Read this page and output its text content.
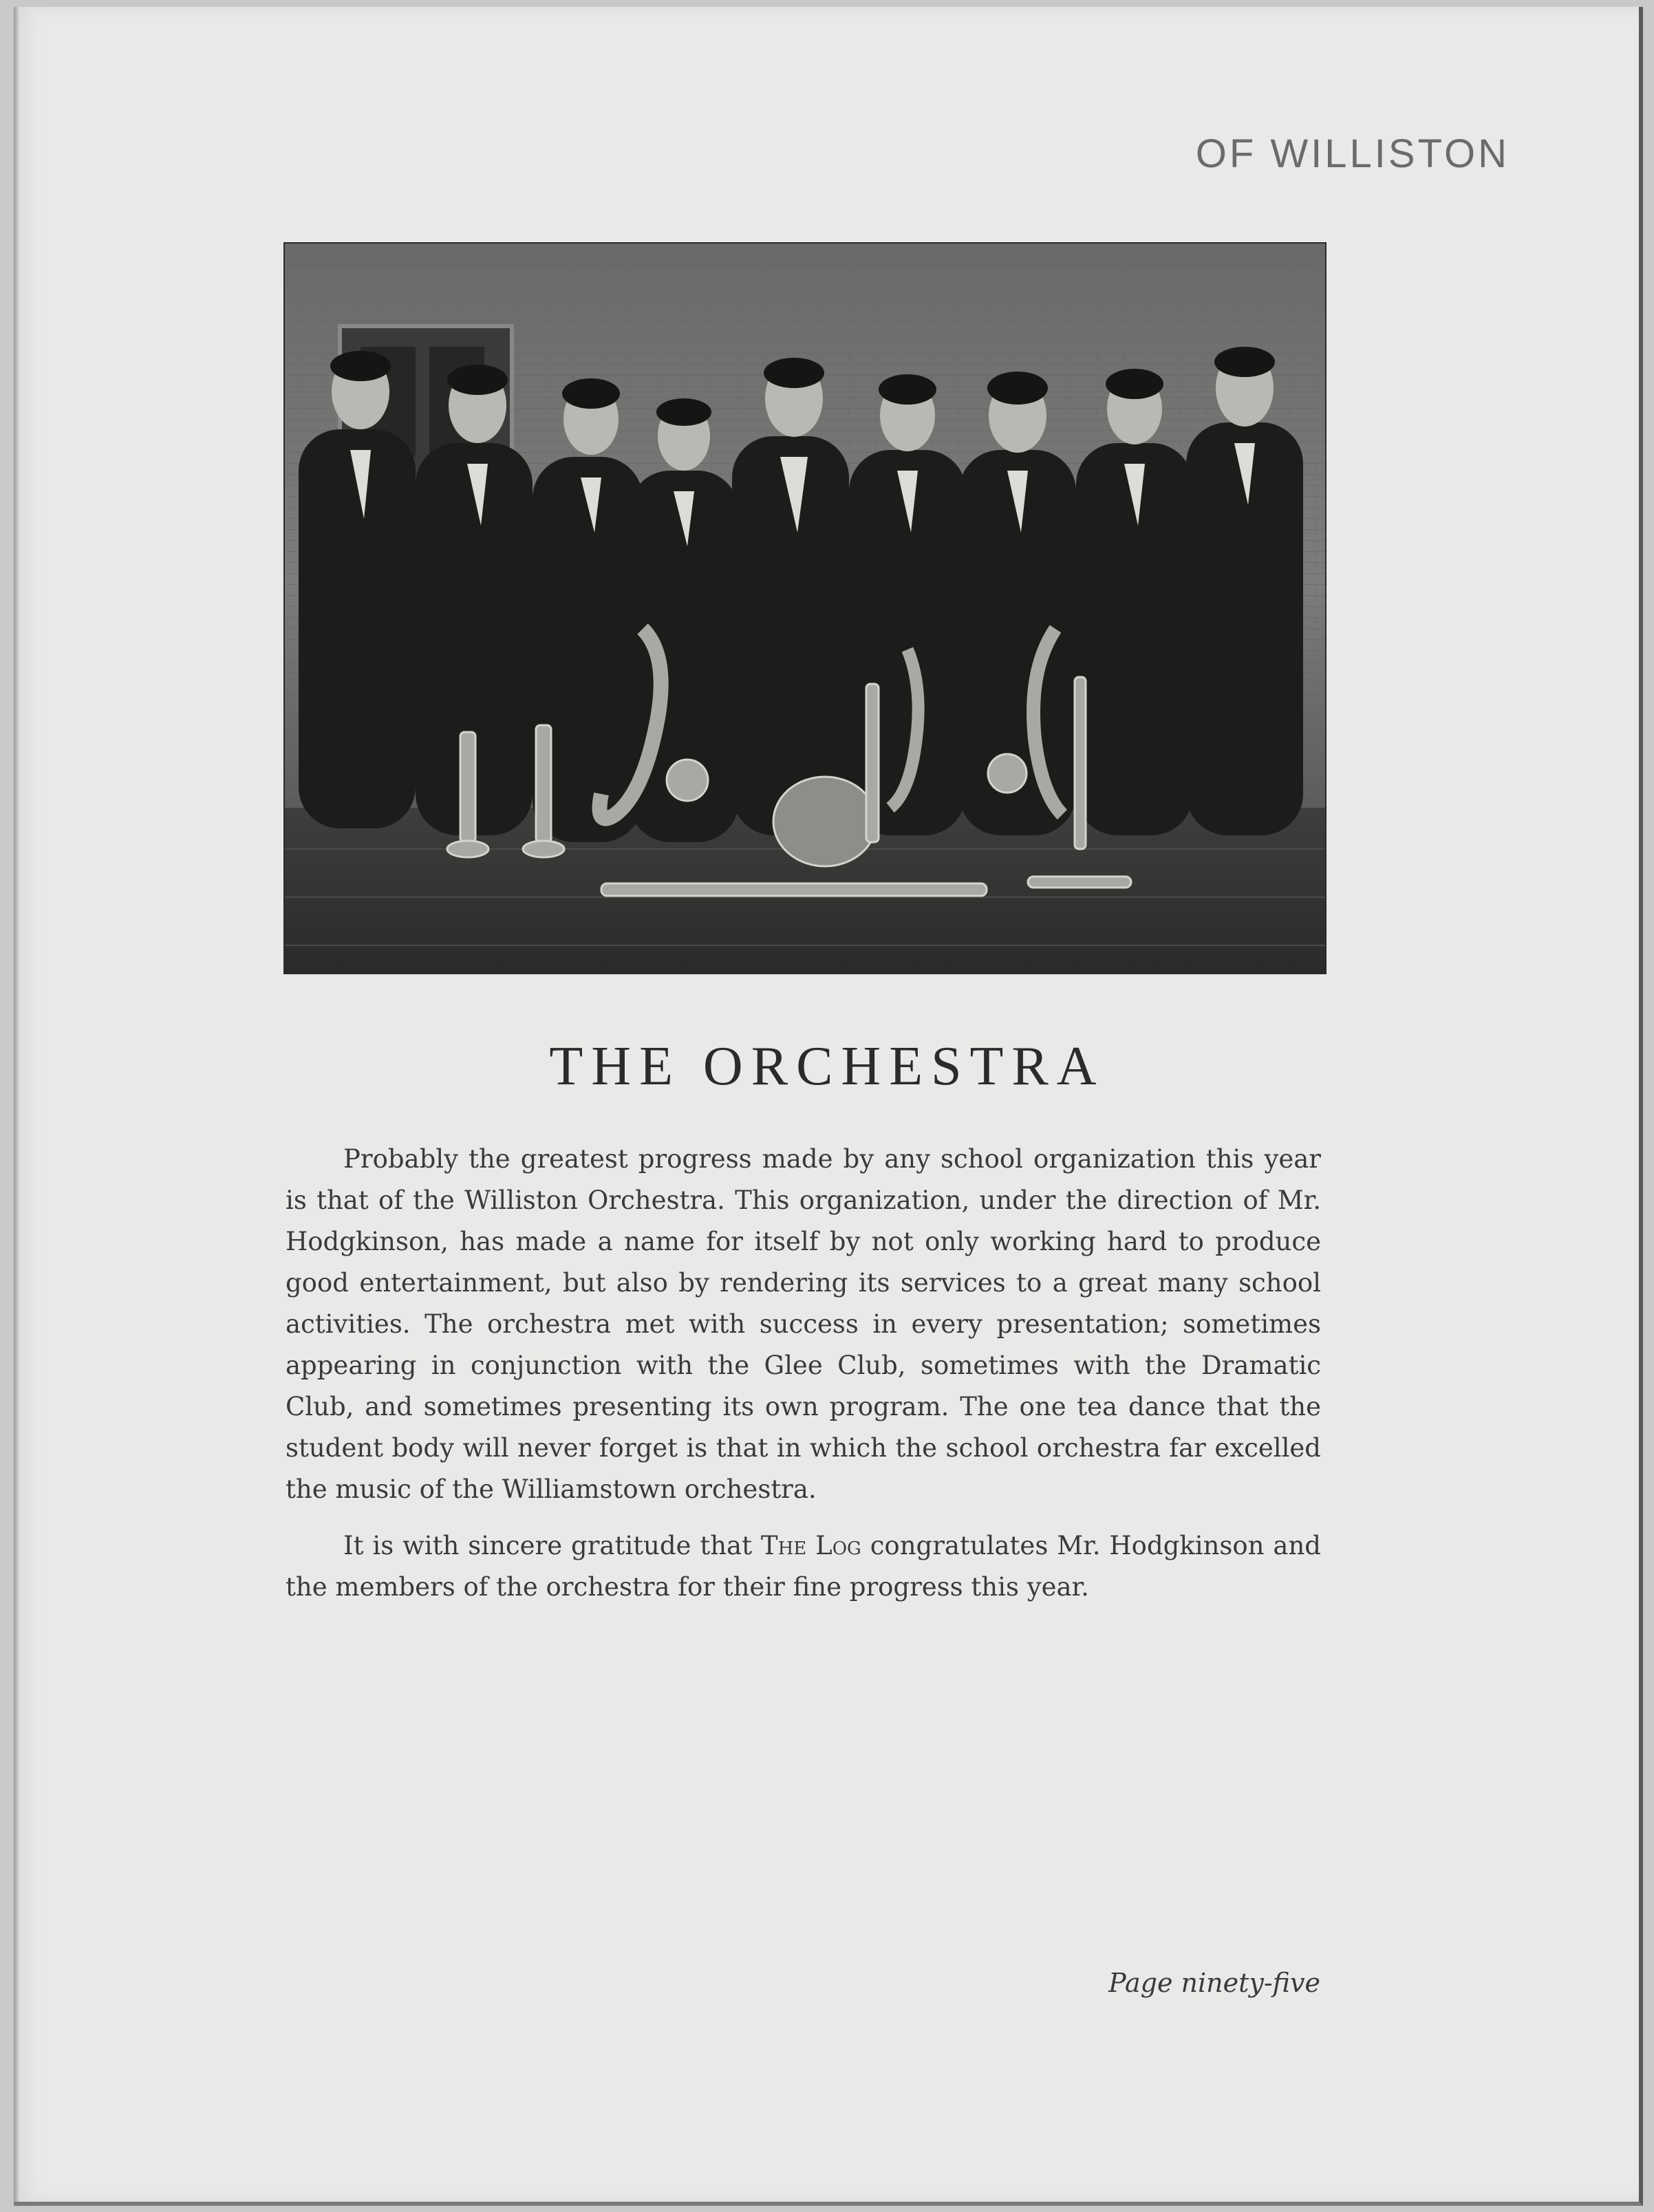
OF WILLISTON
THE ORCHESTRA

Probably the greatest progress made by any school organization this year is that of the Williston Orchestra. This organization, under the direction of Mr. Hodgkinson, has made a name for itself by not only working hard to produce good entertainment, but also by rendering its services to a great many school activities. The orchestra met with success in every presentation; sometimes appearing in conjunction with the Glee Club, sometimes with the Dramatic Club, and sometimes presenting its own program. The one tea dance that the student body will never forget is that in which the school orchestra far excelled the music of the Williamstown orchestra.

It is with sincere gratitude that The Log congratulates Mr. Hodgkinson and the members of the orchestra for their fine progress this year.

Page ninety-five
